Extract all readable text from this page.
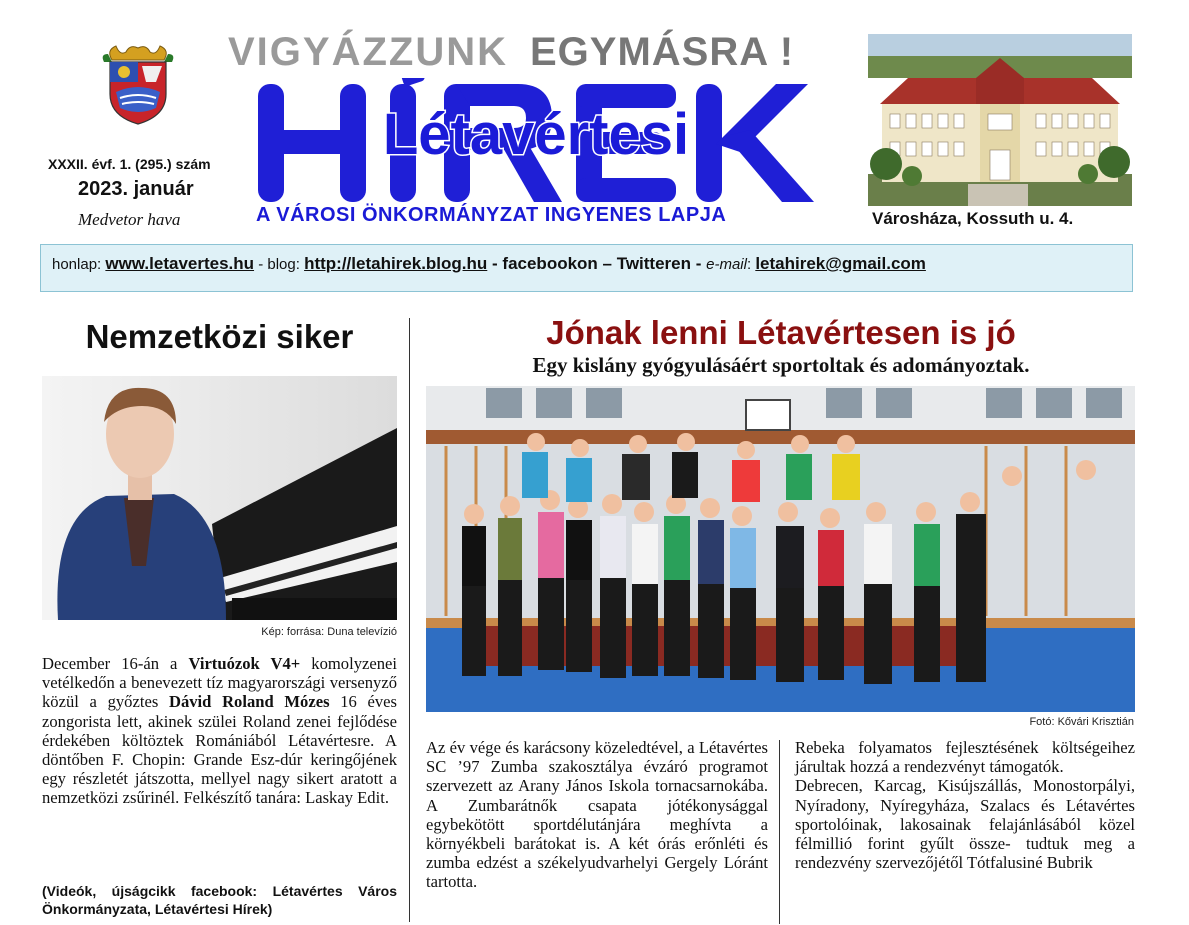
VIGYÁZZUNK EGYMÁSRA !
Létavértesi
A VÁROSI ÖNKORMÁNYZAT INGYENES LAPJA
XXXII. évf. 1. (295.) szám
2023. január
Medvetor hava	Városháza, Kossuth u. 4.
honlap: www.letavertes.hu - blog: http://letahirek.blog.hu - facebookon – Twitteren - e-mail: letahirek@gmail.com
Nemzetközi siker
Kép: forrása: Duna televízió

December 16-án a Virtuózok V4+ komolyzenei vetélkedőn a benevezett tíz magyarországi versenyző közül a győztes Dávid Roland Mózes 16 éves zongorista lett, akinek szülei Roland zenei fejlődése érdekében költöztek Romániából Létavértesre. A döntőben F. Chopin: Grande Esz-dúr keringőjének egy részletét játszotta, mellyel nagy sikert aratott a nemzetközi zsűrinél. Felkészítő tanára: Laskay Edit.

(Videók, újságcikk facebook: Létavértes Város Önkormányzata, Létavértesi Hírek)
Jónak lenni Létavértesen is jó
Egy kislány gyógyulásáért sportoltak és adományoztak.
Fotó: Kővári Krisztián

Az év vége és karácsony közeledtével, a Létavértes SC ’97 Zumba szakosztálya évzáró programot szervezett az Arany János Iskola tornacsarnokába. A Zumbarátnők csapata jótékonysággal egybekötött sportdélutánjára meghívta a környékbeli barátokat is. A két órás erőnléti és zumba edzést a székelyudvarhelyi Gergely Lóránt tartotta.

Rebeka folyamatos fejlesztésének költségeihez járultak hozzá a rendezvényt támogatók.

Debrecen, Karcag, Kisújszállás, Monostorpályi, Nyíradony, Nyíregyháza, Szalacs és Létavértes sportolóinak, lakosainak felajánlásából közel félmillió forint gyűlt össze- tudtuk meg a rendezvény szervezőjétől Tótfalusiné Bubrik
